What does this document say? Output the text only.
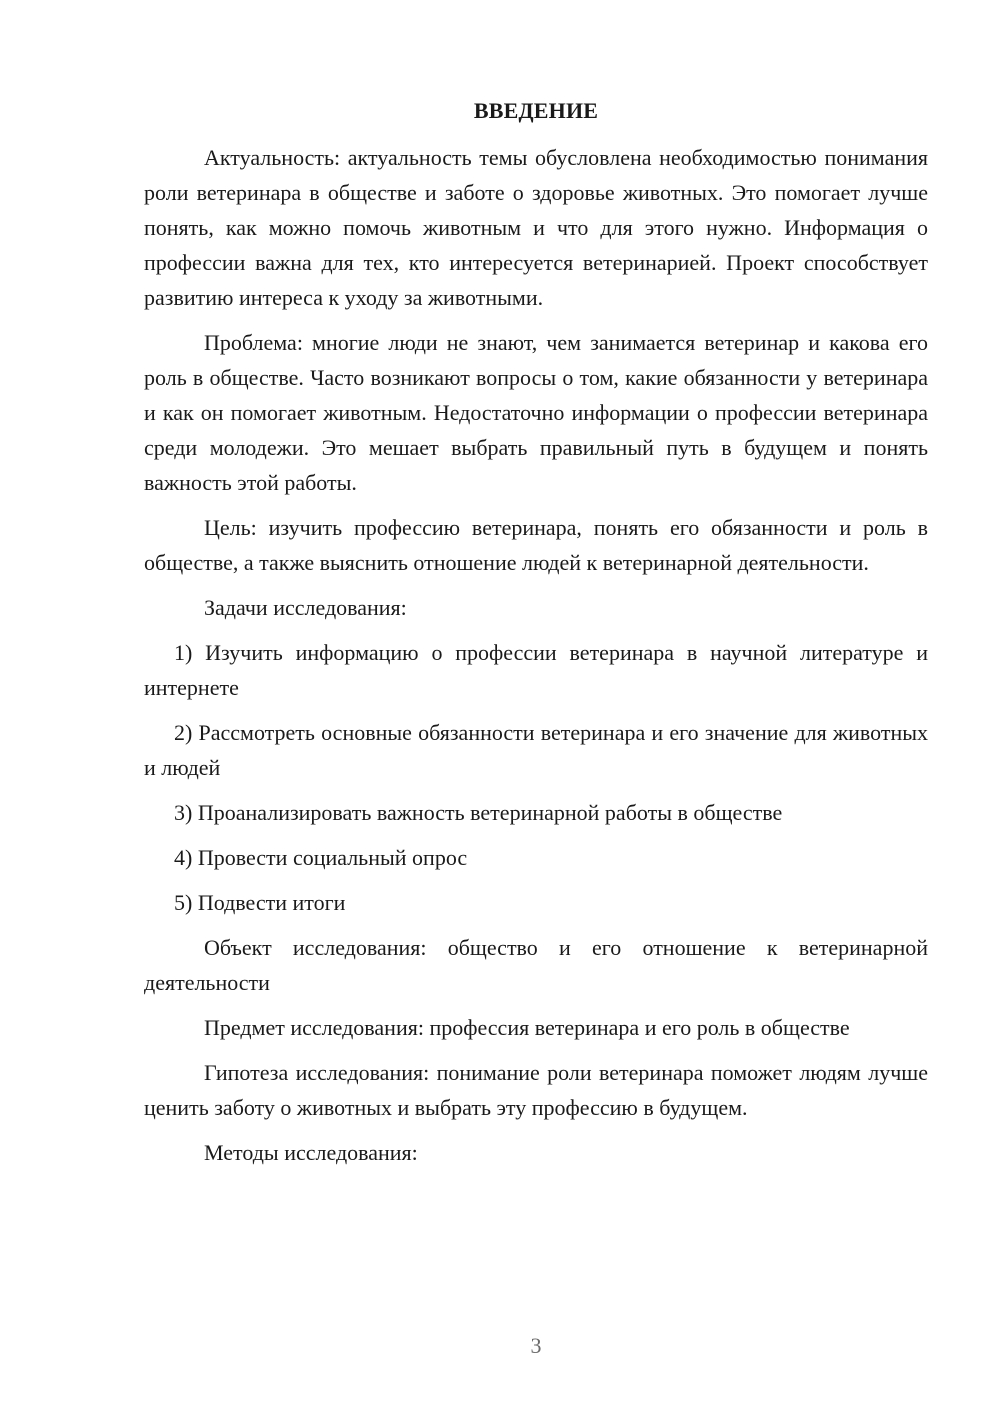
ВВЕДЕНИЕ

Актуальность: актуальность темы обусловлена необходимостью понимания роли ветеринара в обществе и заботе о здоровье животных. Это помогает лучше понять, как можно помочь животным и что для этого нужно. Информация о профессии важна для тех, кто интересуется ветеринарией. Проект способствует развитию интереса к уходу за животными.

Проблема: многие люди не знают, чем занимается ветеринар и какова его роль в обществе. Часто возникают вопросы о том, какие обязанности у ветеринара и как он помогает животным. Недостаточно информации о профессии ветеринара среди молодежи. Это мешает выбрать правильный путь в будущем и понять важность этой работы.

Цель: изучить профессию ветеринара, понять его обязанности и роль в обществе, а также выяснить отношение людей к ветеринарной деятельности.

Задачи исследования:

1) Изучить информацию о профессии ветеринара в научной литературе и интернете

2) Рассмотреть основные обязанности ветеринара и его значение для животных и людей

3) Проанализировать важность ветеринарной работы в обществе

4) Провести социальный опрос

5) Подвести итоги

Объект исследования: общество и его отношение к ветеринарной деятельности

Предмет исследования: профессия ветеринара и его роль в обществе

Гипотеза исследования: понимание роли ветеринара поможет людям лучше ценить заботу о животных и выбрать эту профессию в будущем.

Методы исследования:

3
